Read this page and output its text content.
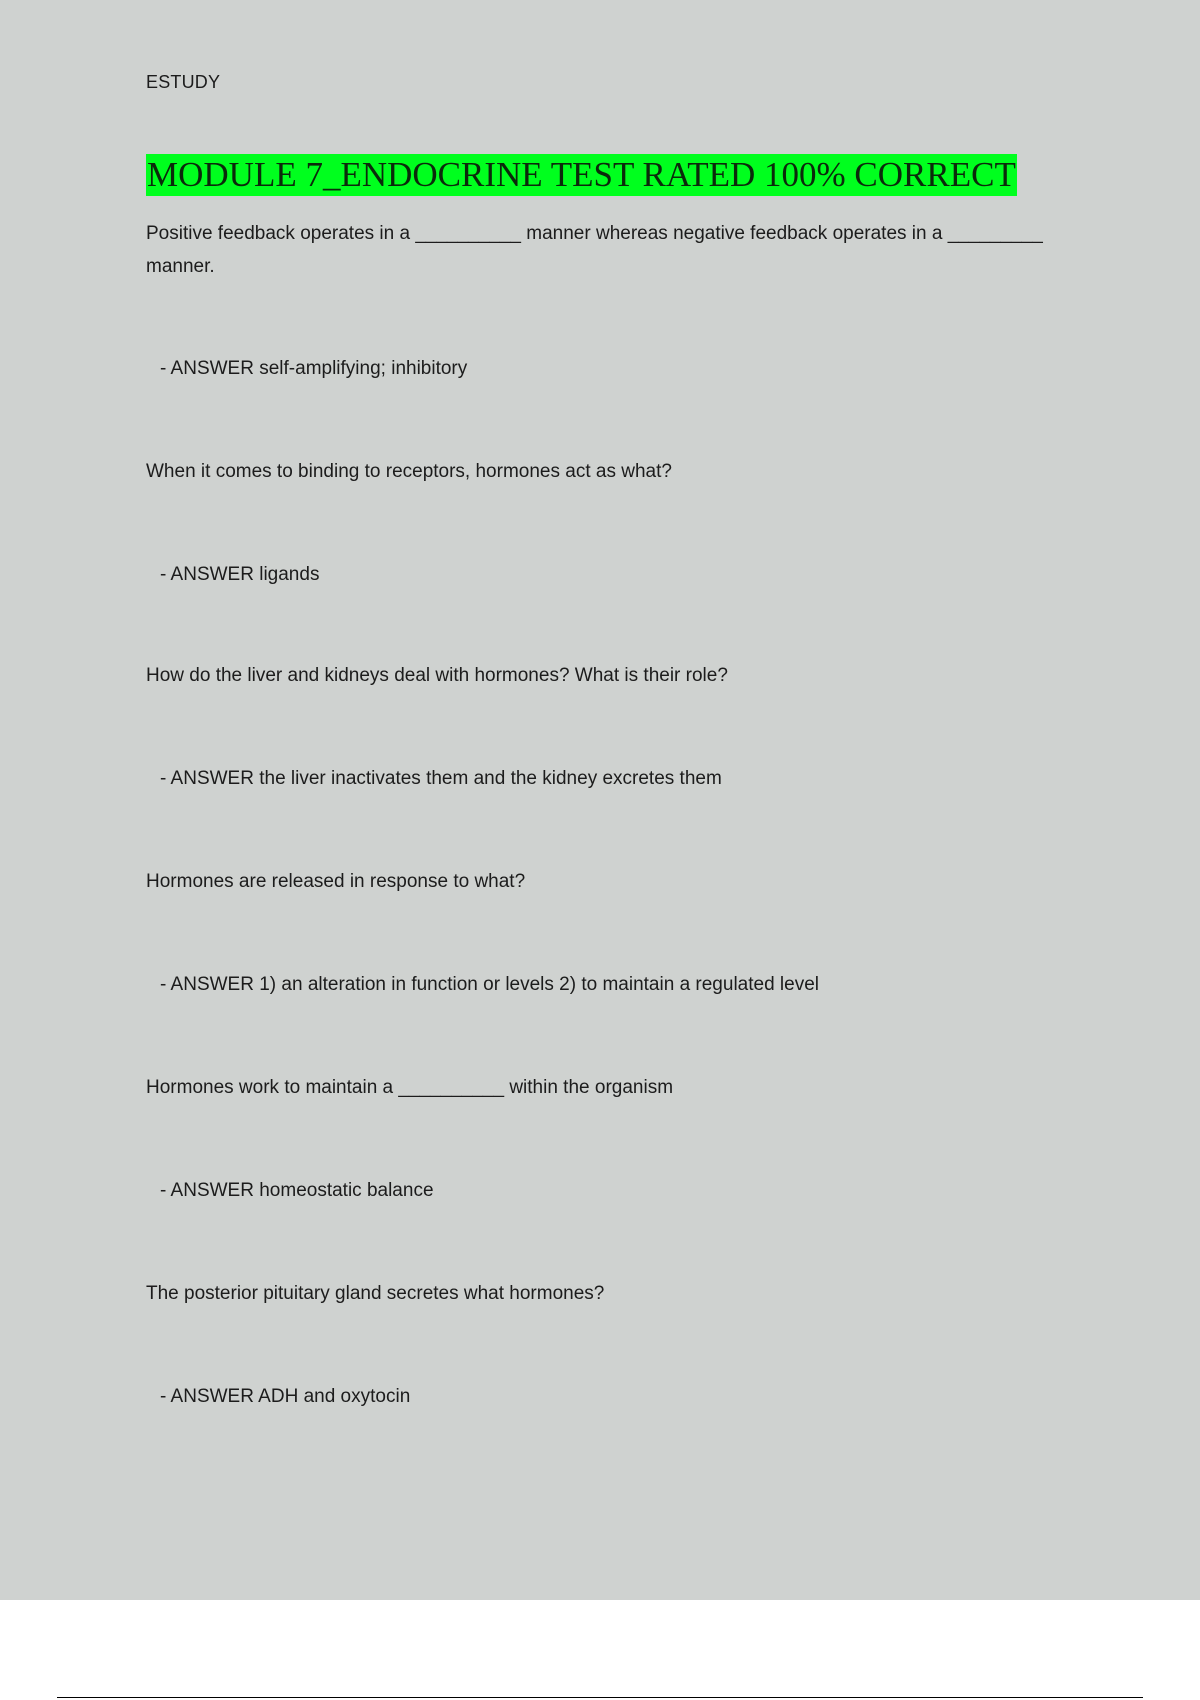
ESTUDY
MODULE 7_ENDOCRINE TEST RATED 100% CORRECT
Positive feedback operates in a __________ manner whereas negative feedback operates in a _________ manner.
- ANSWER self-amplifying; inhibitory
When it comes to binding to receptors, hormones act as what?
- ANSWER ligands
How do the liver and kidneys deal with hormones? What is their role?
- ANSWER the liver inactivates them and the kidney excretes them
Hormones are released in response to what?
- ANSWER 1) an alteration in function or levels 2) to maintain a regulated level
Hormones work to maintain a __________ within the organism
- ANSWER homeostatic balance
The posterior pituitary gland secretes what hormones?
- ANSWER ADH and oxytocin
